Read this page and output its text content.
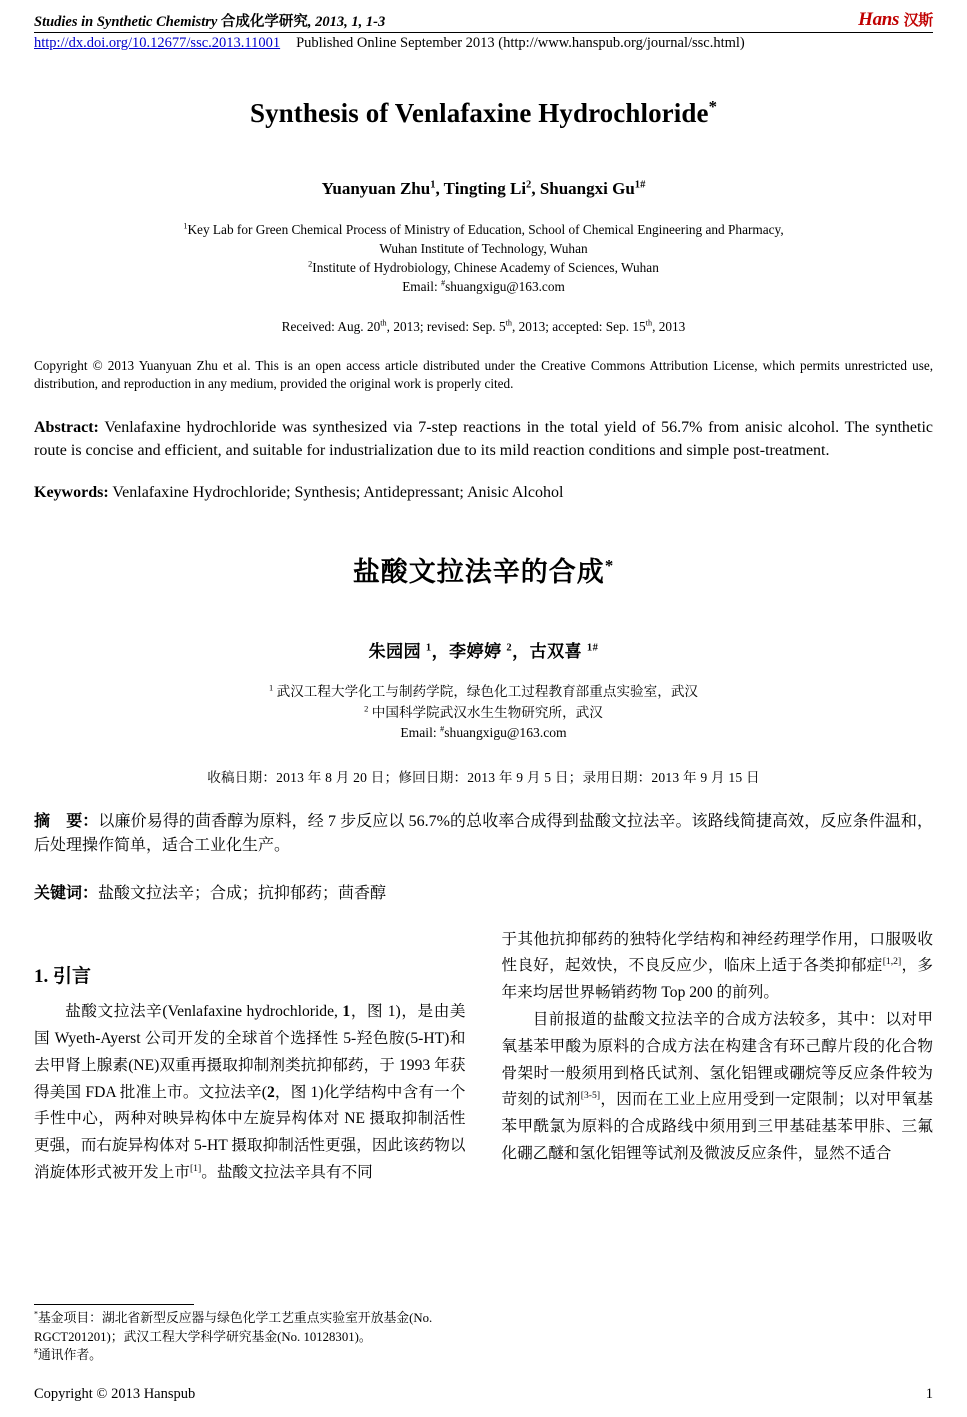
Studies in Synthetic Chemistry 合成化学研究, 2013, 1, 1-3	Hans 汉斯
http://dx.doi.org/10.12677/ssc.2013.11001 Published Online September 2013 (http://www.hanspub.org/journal/ssc.html)
Synthesis of Venlafaxine Hydrochloride*
Yuanyuan Zhu$^1$, Tingting Li$^2$, Shuangxi $Gu^{1\#}$
$^1$Key Lab for Green Chemical Process of Ministry of Education, School of Chemical Engineering and Pharmacy,
Wuhan Institute of Technology, Wuhan
$^2$Institute of Hydrobiology, Chinese Academy of Sciences, Wuhan
Email: #shuangxigu@163.com
Received: Aug. 20th, 2013; revised: Sep. 5th, 2013; accepted: Sep. 15th, 2013
Copyright © 2013 Yuanyuan Zhu et al. This is an open access article distributed under the Creative Commons Attribution License, which permits unrestricted use, distribution, and reproduction in any medium, provided the original work is properly cited.
Abstract: Venlafaxine hydrochloride was synthesized via 7-step reactions in the total yield of 56.7% from anisic alcohol. The synthetic route is concise and efficient, and suitable for industrialization due to its mild reaction conditions and simple post-treatment.
Keywords: Venlafaxine Hydrochloride; Synthesis; Antidepressant; Anisic Alcohol
盐酸文拉法辛的合成*
朱园园 $^1$，李婷婷 $^2$，古双喜 $^{1\#}$
$^1$ 武汉工程大学化工与制药学院，绿色化工过程教育部重点实验室，武汉
$^2$ 中国科学院武汉水生生物研究所，武汉
Email: #shuangxigu@163.com
收稿日期：2013 年 8 月 20 日；修回日期：2013 年 9 月 5 日；录用日期：2013 年 9 月 15 日
摘　要：以廉价易得的茴香醇为原料，经 7 步反应以 56.7%的总收率合成得到盐酸文拉法辛。该路线简捷高效，反应条件温和，后处理操作简单，适合工业化生产。
关键词：盐酸文拉法辛；合成；抗抑郁药；茴香醇
1. 引言

盐酸文拉法辛(Venlafaxine hydrochloride, 1，图 1)，是由美国 Wyeth-Ayerst 公司开发的全球首个选择性 5-羟色胺(5-HT)和去甲肾上腺素(NE)双重再摄取抑制剂类抗抑郁药，于 1993 年获得美国 FDA 批准上市。文拉法辛(2，图 1)化学结构中含有一个手性中心，两种对映异构体中左旋异构体对 NE 摄取抑制活性更强，而右旋异构体对 5-HT 摄取抑制活性更强，因此该药物以消旋体形式被开发上市[1]。盐酸文拉法辛具有不同

于其他抗抑郁药的独特化学结构和神经药理学作用，口服吸收性良好，起效快，不良反应少，临床上适于各类抑郁症[1,2]，多年来均居世界畅销药物 Top 200 的前列。

目前报道的盐酸文拉法辛的合成方法较多，其中：以对甲氧基苯甲酸为原料的合成方法在构建含有环己醇片段的化合物骨架时一般须用到格氏试剂、氢化铝锂或硼烷等反应条件较为苛刻的试剂[3-5]，因而在工业上应用受到一定限制；以对甲氧基苯甲酰氯为原料的合成路线中须用到三甲基硅基苯甲胩、三氟化硼乙醚和氢化铝锂等试剂及微波反应条件，显然不适合

*基金项目：湖北省新型反应器与绿色化学工艺重点实验室开放基金(No. RGCT201201)；武汉工程大学科学研究基金(No. 10128301)。
#通讯作者。
Copyright © 2013 Hanspub	1
